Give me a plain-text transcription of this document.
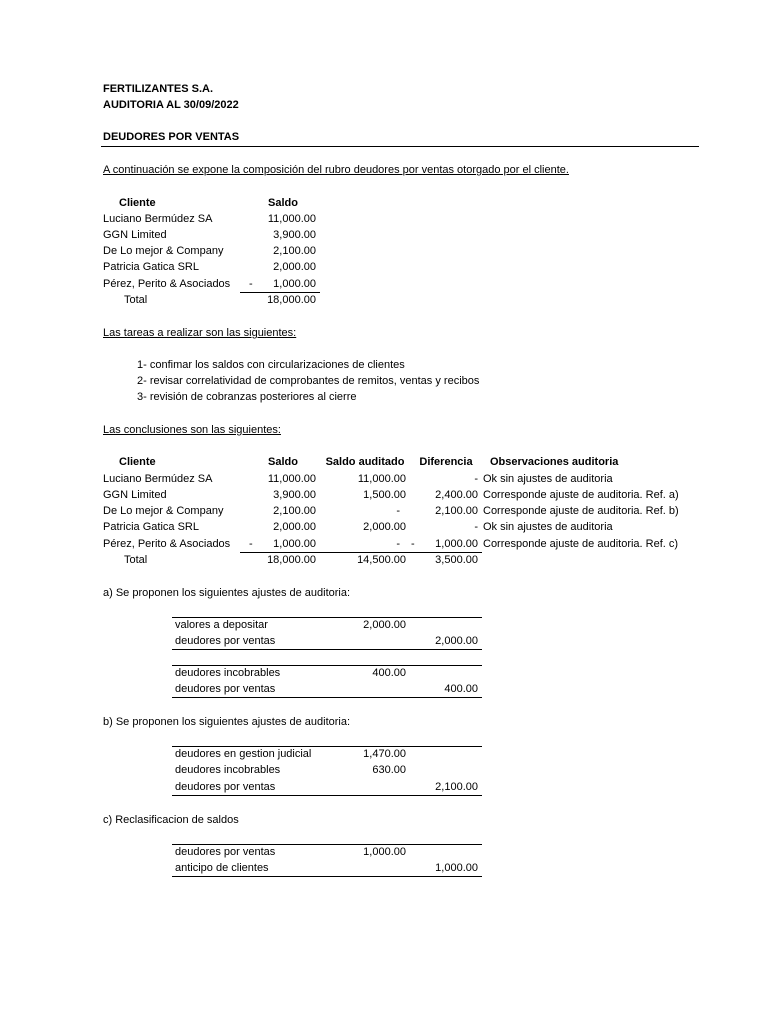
FERTILIZANTES S.A.
AUDITORIA AL 30/09/2022
DEUDORES POR VENTAS
A continuación se expone la composición del rubro deudores por ventas otorgado por el cliente.
Cliente	Saldo
Luciano Bermúdez SA	11,000.00
GGN Limited	3,900.00
De Lo mejor & Company	2,100.00
Patricia Gatica SRL	2,000.00
Pérez, Perito & Asociados -	1,000.00
Total	18,000.00
Las tareas a realizar son las siguientes:
1- confimar los saldos con circularizaciones de clientes
2- revisar correlatividad de comprobantes de remitos, ventas y recibos
3- revisión de cobranzas posteriores al cierre
Las conclusiones son las siguientes:
Cliente	Saldo	Saldo auditado	Diferencia	Observaciones auditoria
Luciano Bermúdez SA	11,000.00	11,000.00	- Ok sin ajustes de auditoria
GGN Limited	3,900.00	1,500.00	2,400.00 Corresponde ajuste de auditoria. Ref. a)
De Lo mejor & Company	2,100.00	-	2,100.00 Corresponde ajuste de auditoria. Ref. b)
Patricia Gatica SRL	2,000.00	2,000.00	- Ok sin ajustes de auditoria
Pérez, Perito & Asociados -	1,000.00	- -	1,000.00 Corresponde ajuste de auditoria. Ref. c)
Total	18,000.00	14,500.00	3,500.00
a) Se proponen los siguientes ajustes de auditoria:
valores a depositar	2,000.00
deudores por ventas	2,000.00
deudores incobrables	400.00
deudores por ventas	400.00
b) Se proponen los siguientes ajustes de auditoria:
deudores en gestion judicial	1,470.00
deudores incobrables	630.00
deudores por ventas	2,100.00
c) Reclasificacion de saldos
deudores por ventas	1,000.00
anticipo de clientes	1,000.00
